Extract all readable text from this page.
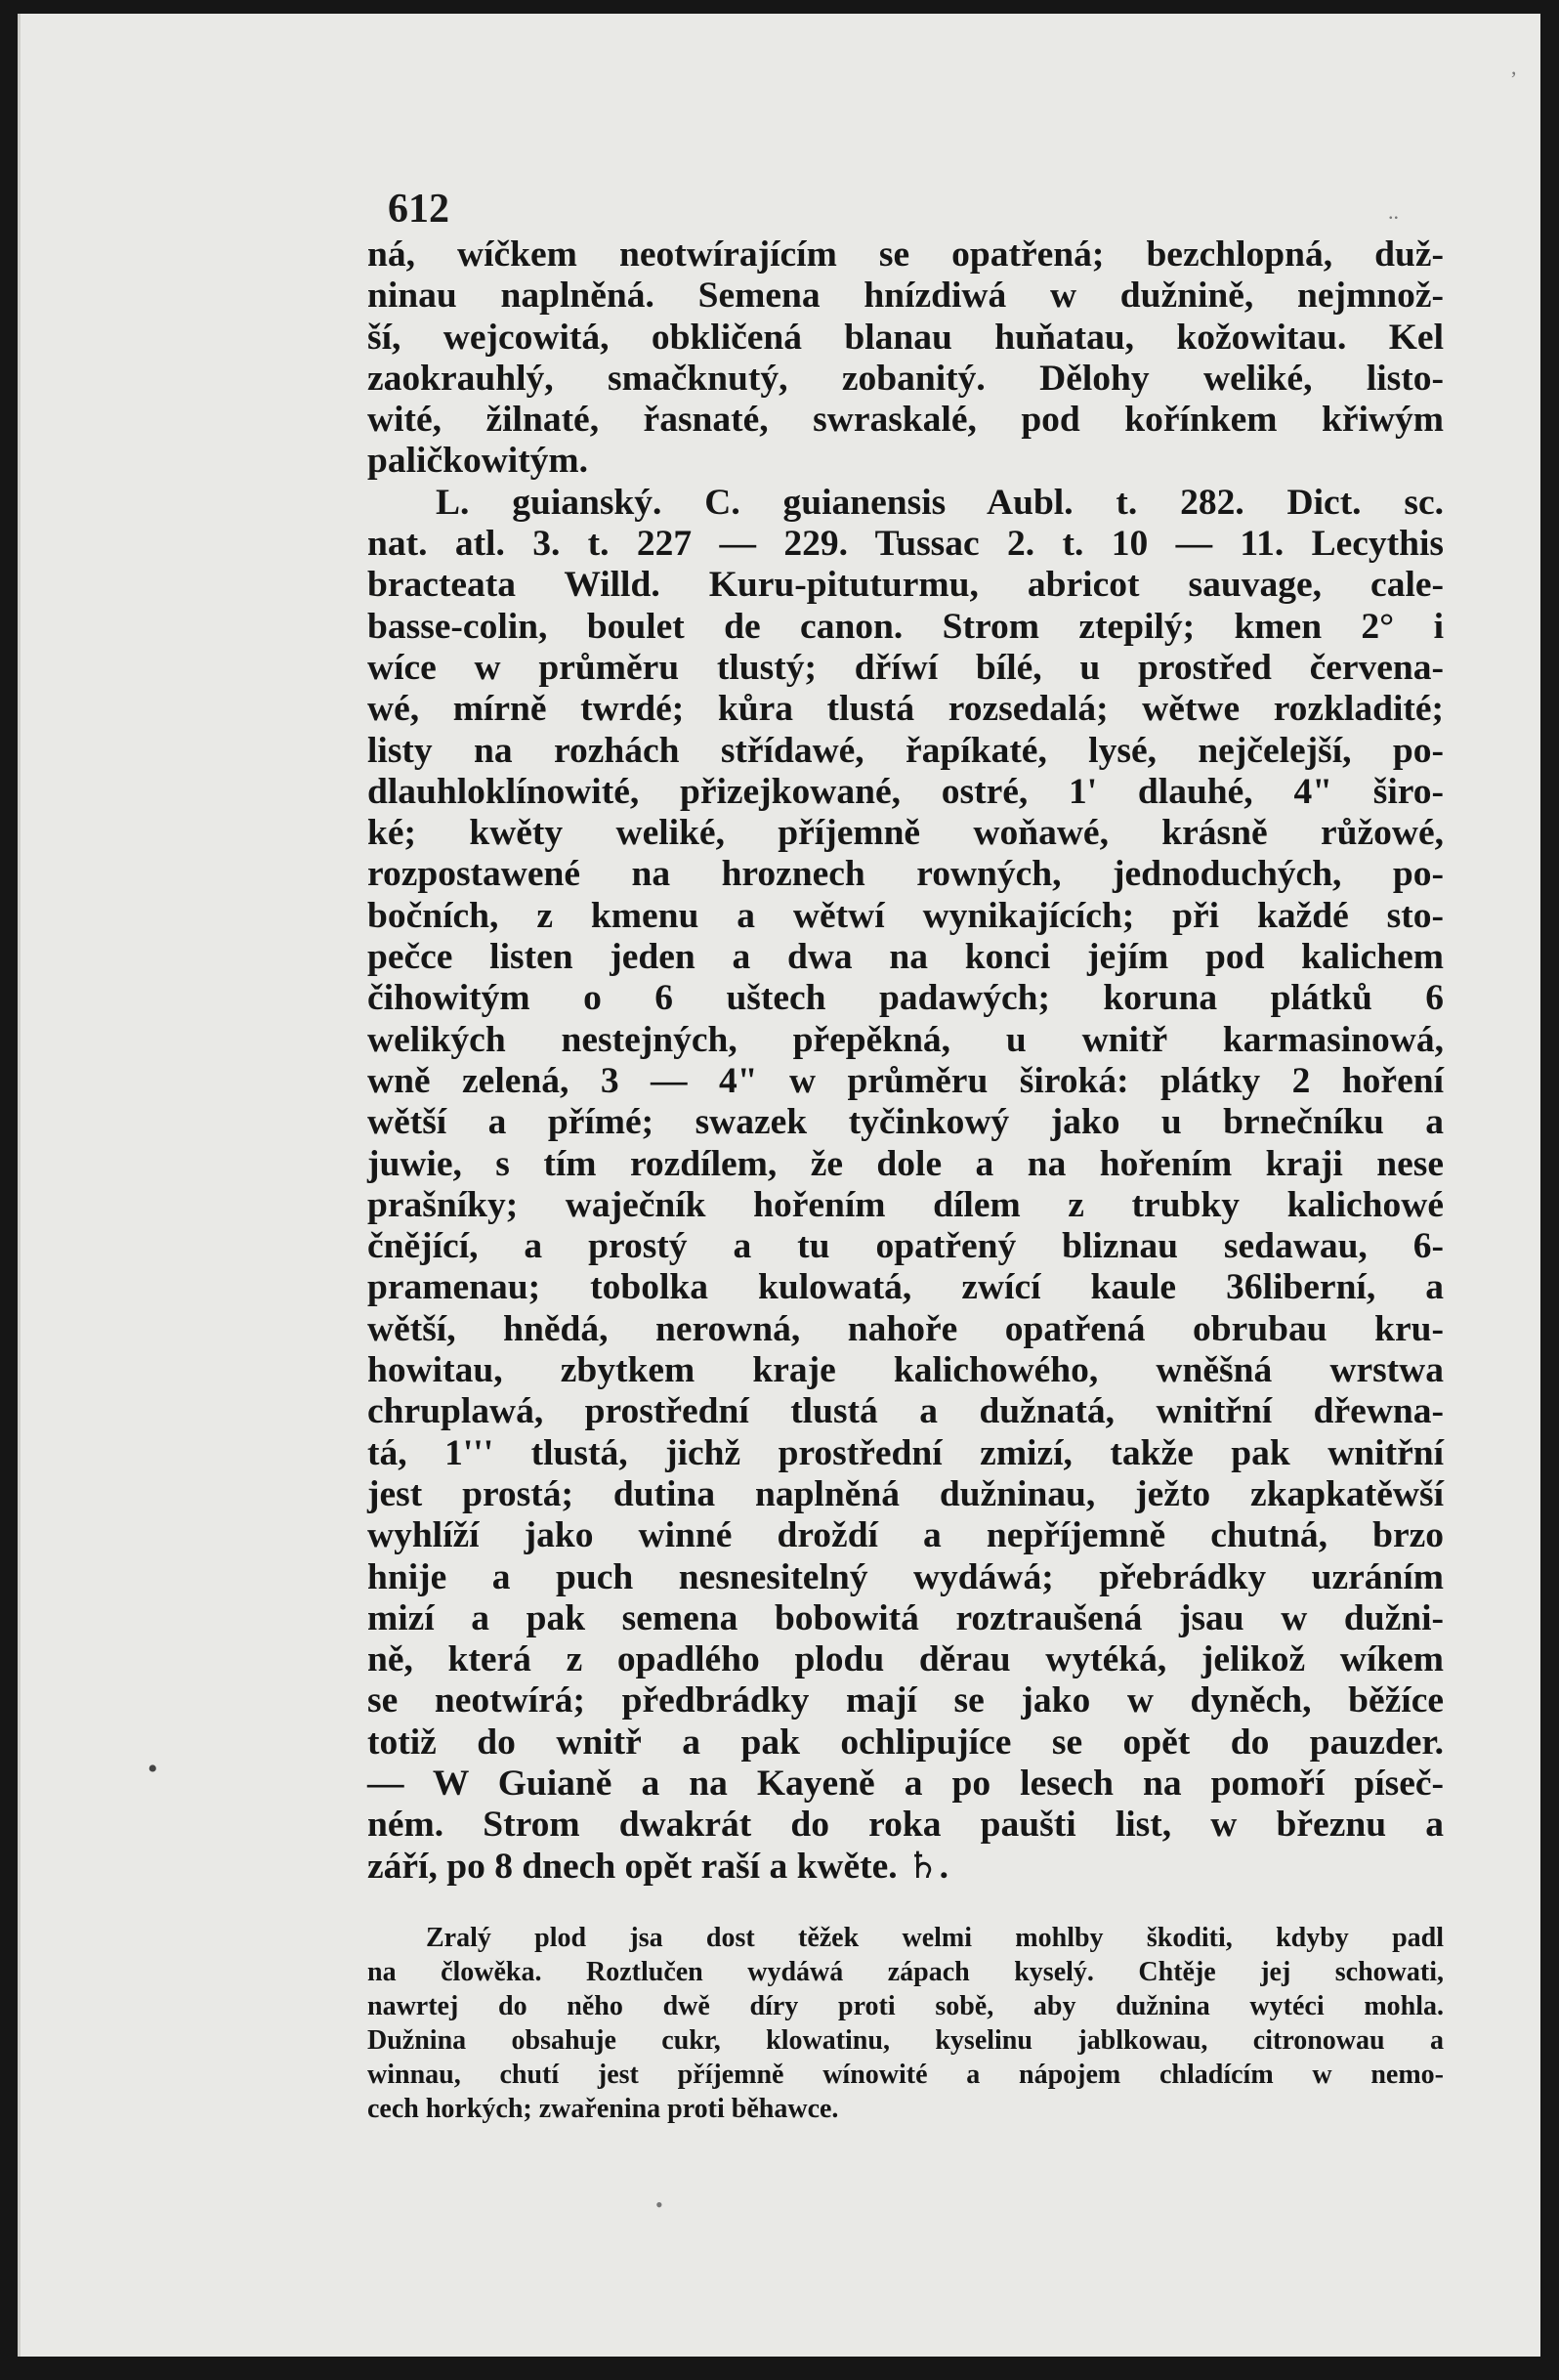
612
,
..
•
•
ná, wíčkem neotwírajícím se opatřená; bezchlopná, duž-
ninau naplněná. Semena hnízdiwá w dužnině, nejmnož-
ší, wejcowitá, obkličená blanau huňatau, kožowitau. Kel
zaokrauhlý, smačknutý, zobanitý. Dělohy weliké, listo-
wité, žilnaté, řasnaté, swraskalé, pod kořínkem křiwým
paličkowitým.
L. guianský. C. guianensis Aubl. t. 282. Dict. sc.
nat. atl. 3. t. 227 — 229. Tussac 2. t. 10 — 11. Lecythis
bracteata Willd. Kuru-pituturmu, abricot sauvage, cale-
basse-colin, boulet de canon. Strom ztepilý; kmen 2° i
wíce w průměru tlustý; dříwí bílé, u prostřed červena-
wé, mírně twrdé; kůra tlustá rozsedalá; wětwe rozkladité;
listy na rozhách střídawé, řapíkaté, lysé, nejčelejší, po-
dlauhloklínowité, přizejkowané, ostré, 1' dlauhé, 4" širo-
ké; kwěty weliké, příjemně woňawé, krásně růžowé,
rozpostawené na hroznech rowných, jednoduchých, po-
bočních, z kmenu a wětwí wynikajících; při každé sto-
pečce listen jeden a dwa na konci jejím pod kalichem
čihowitým o 6 uštech padawých; koruna plátků 6
welikých nestejných, přepěkná, u wnitř karmasinowá,
wně zelená, 3 — 4" w průměru široká: plátky 2 hoření
wětší a přímé; swazek tyčinkowý jako u brnečníku a
juwie, s tím rozdílem, že dole a na hořením kraji nese
prašníky; waječník hořením dílem z trubky kalichowé
čnějící, a prostý a tu opatřený bliznau sedawau, 6-
pramenau; tobolka kulowatá, zwící kaule 36liberní, a
wětší, hnědá, nerowná, nahoře opatřená obrubau kru-
howitau, zbytkem kraje kalichowého, wněšná wrstwa
chruplawá, prostřední tlustá a dužnatá, wnitřní dřewna-
tá, 1''' tlustá, jichž prostřední zmizí, takže pak wnitřní
jest prostá; dutina naplněná dužninau, ježto zkapkatěwší
wyhlíží jako winné droždí a nepříjemně chutná, brzo
hnije a puch nesnesitelný wydáwá; přebrádky uzráním
mizí a pak semena bobowitá roztraušená jsau w dužni-
ně, která z opadlého plodu děrau wytéká, jelikož wíkem
se neotwírá; předbrádky mají se jako w dyněch, běžíce
totiž do wnitř a pak ochlipujíce se opět do pauzder.
— W Guianě a na Kayeně a po lesech na pomoří píseč-
ném. Strom dwakrát do roka paušti list, w březnu a
září, po 8 dnech opět raší a kwěte. ♄.
Zralý plod jsa dost těžek welmi mohlby škoditi, kdyby padl
na člowěka. Roztlučen wydáwá zápach kyselý. Chtěje jej schowati,
nawrtej do něho dwě díry proti sobě, aby dužnina wytéci mohla.
Dužnina obsahuje cukr, klowatinu, kyselinu jablkowau, citronowau a
winnau, chutí jest příjemně wínowité a nápojem chladícím w nemo-
cech horkých; zwařenina proti běhawce.
